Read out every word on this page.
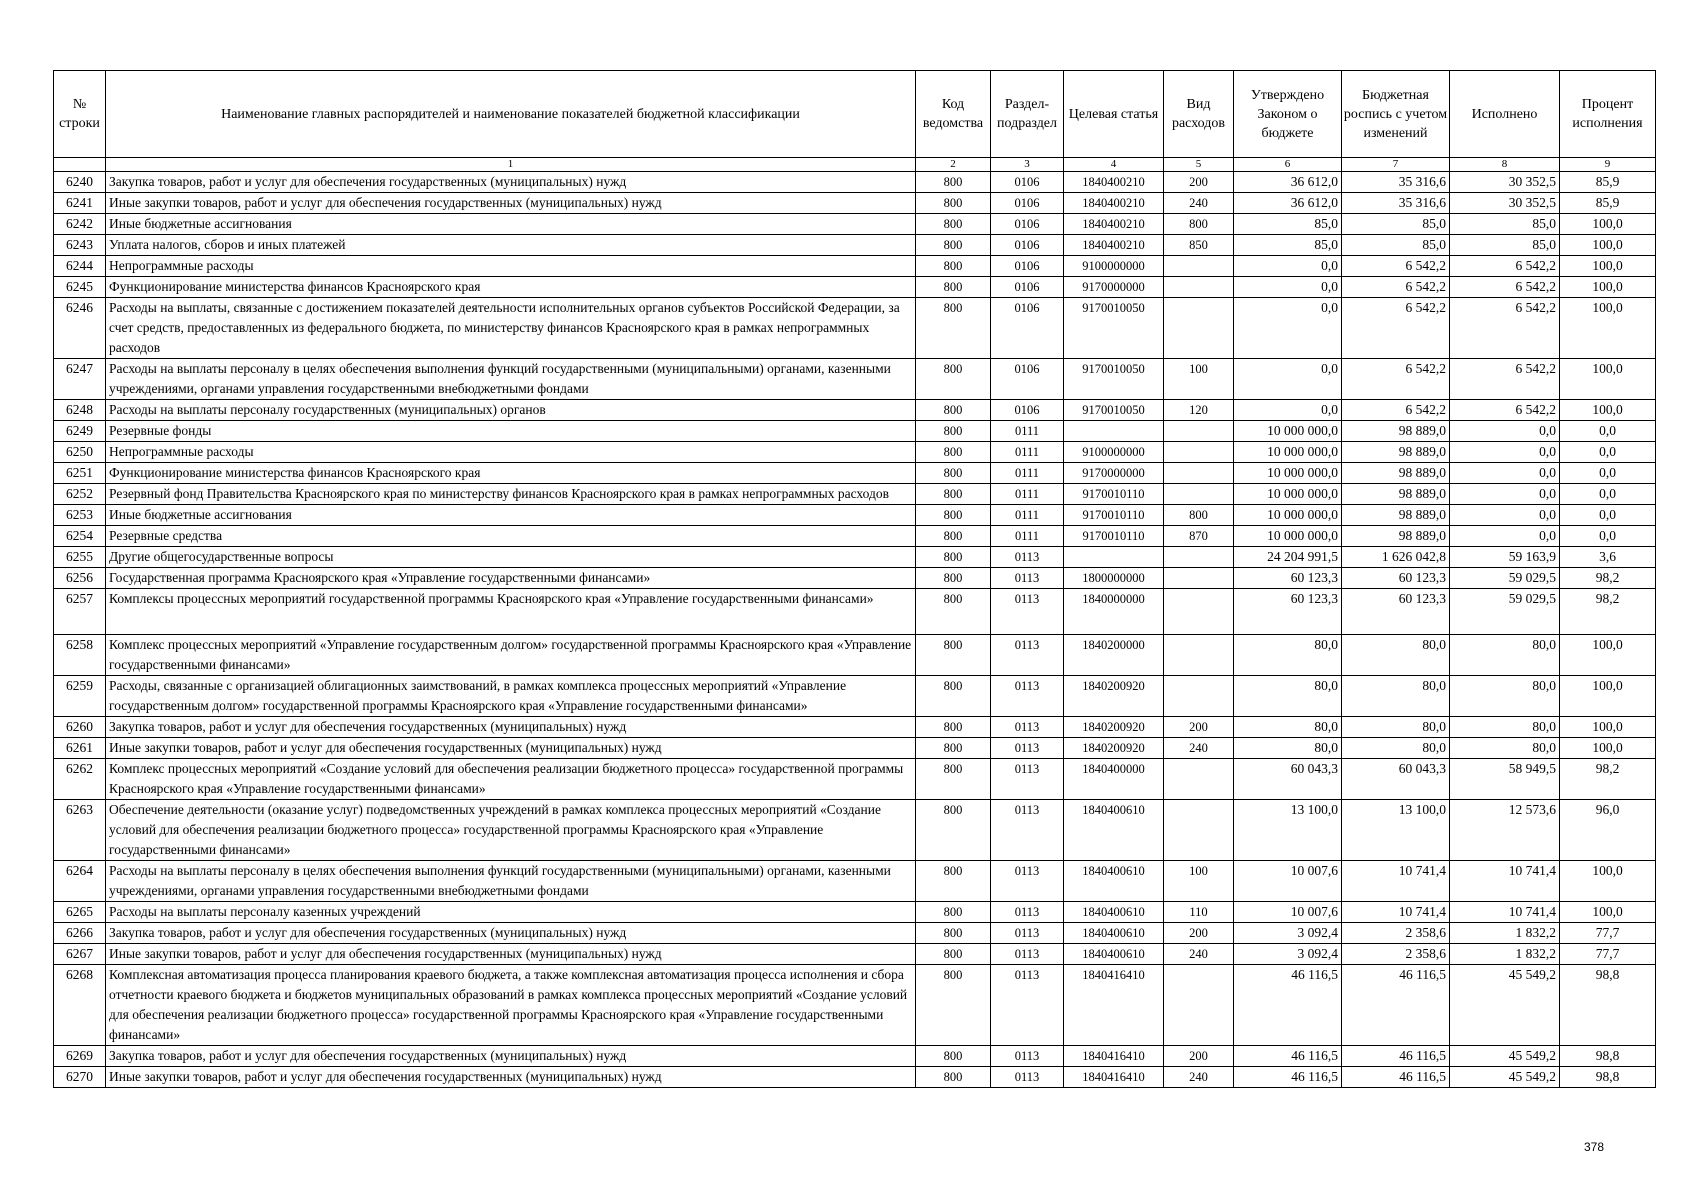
№ строки	Наименование главных распорядителей и наименование показателей бюджетной классификации	Код ведомства	Раздел-подраздел	Целевая статья	Вид расходов	Утверждено Законом о бюджете	Бюджетная роспись с учетом изменений	Исполнено	Процент исполнения
	1	2	3	4	5	6	7	8	9
6240	Закупка товаров, работ и услуг для обеспечения государственных (муниципальных) нужд	800	0106	1840400210	200	36 612,0	35 316,6	30 352,5	85,9
6241	Иные закупки товаров, работ и услуг для обеспечения государственных (муниципальных) нужд	800	0106	1840400210	240	36 612,0	35 316,6	30 352,5	85,9
6242	Иные бюджетные ассигнования	800	0106	1840400210	800	85,0	85,0	85,0	100,0
6243	Уплата налогов, сборов и иных платежей	800	0106	1840400210	850	85,0	85,0	85,0	100,0
6244	Непрограммные расходы	800	0106	9100000000		0,0	6 542,2	6 542,2	100,0
6245	Функционирование министерства финансов Красноярского края	800	0106	9170000000		0,0	6 542,2	6 542,2	100,0
6246	Расходы на выплаты, связанные с достижением показателей деятельности исполнительных органов субъектов Российской Федерации, за счет средств, предоставленных из федерального бюджета, по министерству финансов Красноярского края в рамках непрограммных расходов	800	0106	9170010050		0,0	6 542,2	6 542,2	100,0
6247	Расходы на выплаты персоналу в целях обеспечения выполнения функций государственными (муниципальными) органами, казенными учреждениями, органами управления государственными внебюджетными фондами	800	0106	9170010050	100	0,0	6 542,2	6 542,2	100,0
6248	Расходы на выплаты персоналу государственных (муниципальных) органов	800	0106	9170010050	120	0,0	6 542,2	6 542,2	100,0
6249	Резервные фонды	800	0111			10 000 000,0	98 889,0	0,0	0,0
6250	Непрограммные расходы	800	0111	9100000000		10 000 000,0	98 889,0	0,0	0,0
6251	Функционирование министерства финансов Красноярского края	800	0111	9170000000		10 000 000,0	98 889,0	0,0	0,0
6252	Резервный фонд Правительства Красноярского края по министерству финансов Красноярского края в рамках непрограммных расходов	800	0111	9170010110		10 000 000,0	98 889,0	0,0	0,0
6253	Иные бюджетные ассигнования	800	0111	9170010110	800	10 000 000,0	98 889,0	0,0	0,0
6254	Резервные средства	800	0111	9170010110	870	10 000 000,0	98 889,0	0,0	0,0
6255	Другие общегосударственные вопросы	800	0113			24 204 991,5	1 626 042,8	59 163,9	3,6
6256	Государственная программа Красноярского края «Управление государственными финансами»	800	0113	1800000000		60 123,3	60 123,3	59 029,5	98,2
6257	Комплексы процессных мероприятий государственной программы Красноярского края «Управление государственными финансами»	800	0113	1840000000		60 123,3	60 123,3	59 029,5	98,2
6258	Комплекс процессных мероприятий «Управление государственным долгом» государственной программы Красноярского края «Управление государственными финансами»	800	0113	1840200000		80,0	80,0	80,0	100,0
6259	Расходы, связанные с организацией облигационных заимствований, в рамках комплекса процессных мероприятий «Управление государственным долгом» государственной программы Красноярского края «Управление государственными финансами»	800	0113	1840200920		80,0	80,0	80,0	100,0
6260	Закупка товаров, работ и услуг для обеспечения государственных (муниципальных) нужд	800	0113	1840200920	200	80,0	80,0	80,0	100,0
6261	Иные закупки товаров, работ и услуг для обеспечения государственных (муниципальных) нужд	800	0113	1840200920	240	80,0	80,0	80,0	100,0
6262	Комплекс процессных мероприятий «Создание условий для обеспечения реализации бюджетного процесса» государственной программы Красноярского края «Управление государственными финансами»	800	0113	1840400000		60 043,3	60 043,3	58 949,5	98,2
6263	Обеспечение деятельности (оказание услуг) подведомственных учреждений в рамках комплекса процессных мероприятий «Создание условий для обеспечения реализации бюджетного процесса» государственной программы Красноярского края «Управление государственными финансами»	800	0113	1840400610		13 100,0	13 100,0	12 573,6	96,0
6264	Расходы на выплаты персоналу в целях обеспечения выполнения функций государственными (муниципальными) органами, казенными учреждениями, органами управления государственными внебюджетными фондами	800	0113	1840400610	100	10 007,6	10 741,4	10 741,4	100,0
6265	Расходы на выплаты персоналу казенных учреждений	800	0113	1840400610	110	10 007,6	10 741,4	10 741,4	100,0
6266	Закупка товаров, работ и услуг для обеспечения государственных (муниципальных) нужд	800	0113	1840400610	200	3 092,4	2 358,6	1 832,2	77,7
6267	Иные закупки товаров, работ и услуг для обеспечения государственных (муниципальных) нужд	800	0113	1840400610	240	3 092,4	2 358,6	1 832,2	77,7
6268	Комплексная автоматизация процесса планирования краевого бюджета, а также комплексная автоматизация процесса исполнения и сбора отчетности краевого бюджета и бюджетов муниципальных образований в рамках комплекса процессных мероприятий «Создание условий для обеспечения реализации бюджетного процесса» государственной программы Красноярского края «Управление государственными финансами»	800	0113	1840416410		46 116,5	46 116,5	45 549,2	98,8
6269	Закупка товаров, работ и услуг для обеспечения государственных (муниципальных) нужд	800	0113	1840416410	200	46 116,5	46 116,5	45 549,2	98,8
6270	Иные закупки товаров, работ и услуг для обеспечения государственных (муниципальных) нужд	800	0113	1840416410	240	46 116,5	46 116,5	45 549,2	98,8
378
